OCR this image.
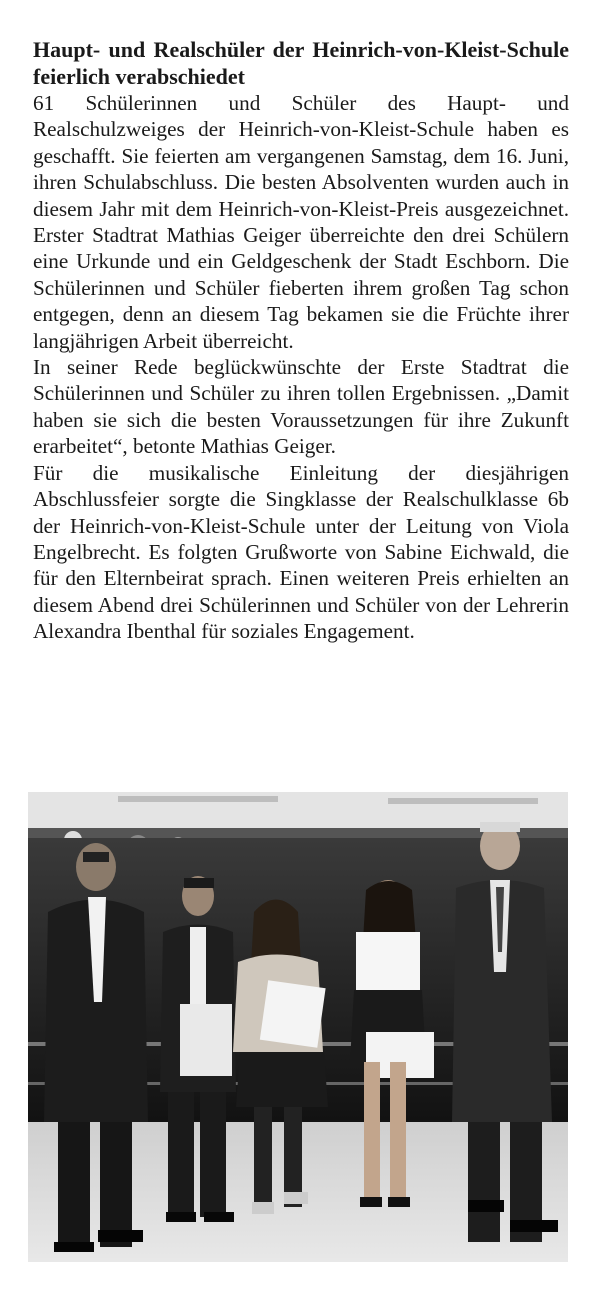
Haupt- und Realschüler der Heinrich-von-Kleist-Schule feierlich verabschiedet

61 Schülerinnen und Schüler des Haupt- und Realschulzweiges der Heinrich-von-Kleist-Schule haben es geschafft. Sie feierten am vergangenen Samstag, dem 16. Juni, ihren Schulabschluss. Die besten Absolventen wurden auch in diesem Jahr mit dem Heinrich-von-Kleist-Preis ausgezeichnet. Erster Stadtrat Mathias Geiger überreichte den drei Schülern eine Urkunde und ein Geldgeschenk der Stadt Eschborn. Die Schülerinnen und Schüler fieberten ihrem großen Tag schon entgegen, denn an diesem Tag bekamen sie die Früchte ihrer langjährigen Arbeit überreicht.

In seiner Rede beglückwünschte der Erste Stadtrat die Schülerinnen und Schüler zu ihren tollen Ergebnissen. „Damit haben sie sich die besten Voraussetzungen für ihre Zukunft erarbeitet“, betonte Mathias Geiger.

Für die musikalische Einleitung der diesjährigen Abschlussfeier sorgte die Singklasse der Realschulklasse 6b der Heinrich-von-Kleist-Schule unter der Leitung von Viola Engelbrecht. Es folgten Grußworte von Sabine Eichwald, die für den Elternbeirat sprach. Einen weiteren Preis erhielten an diesem Abend drei Schülerinnen und Schüler von der Lehrerin Alexandra Ibenthal für soziales Engagement.
